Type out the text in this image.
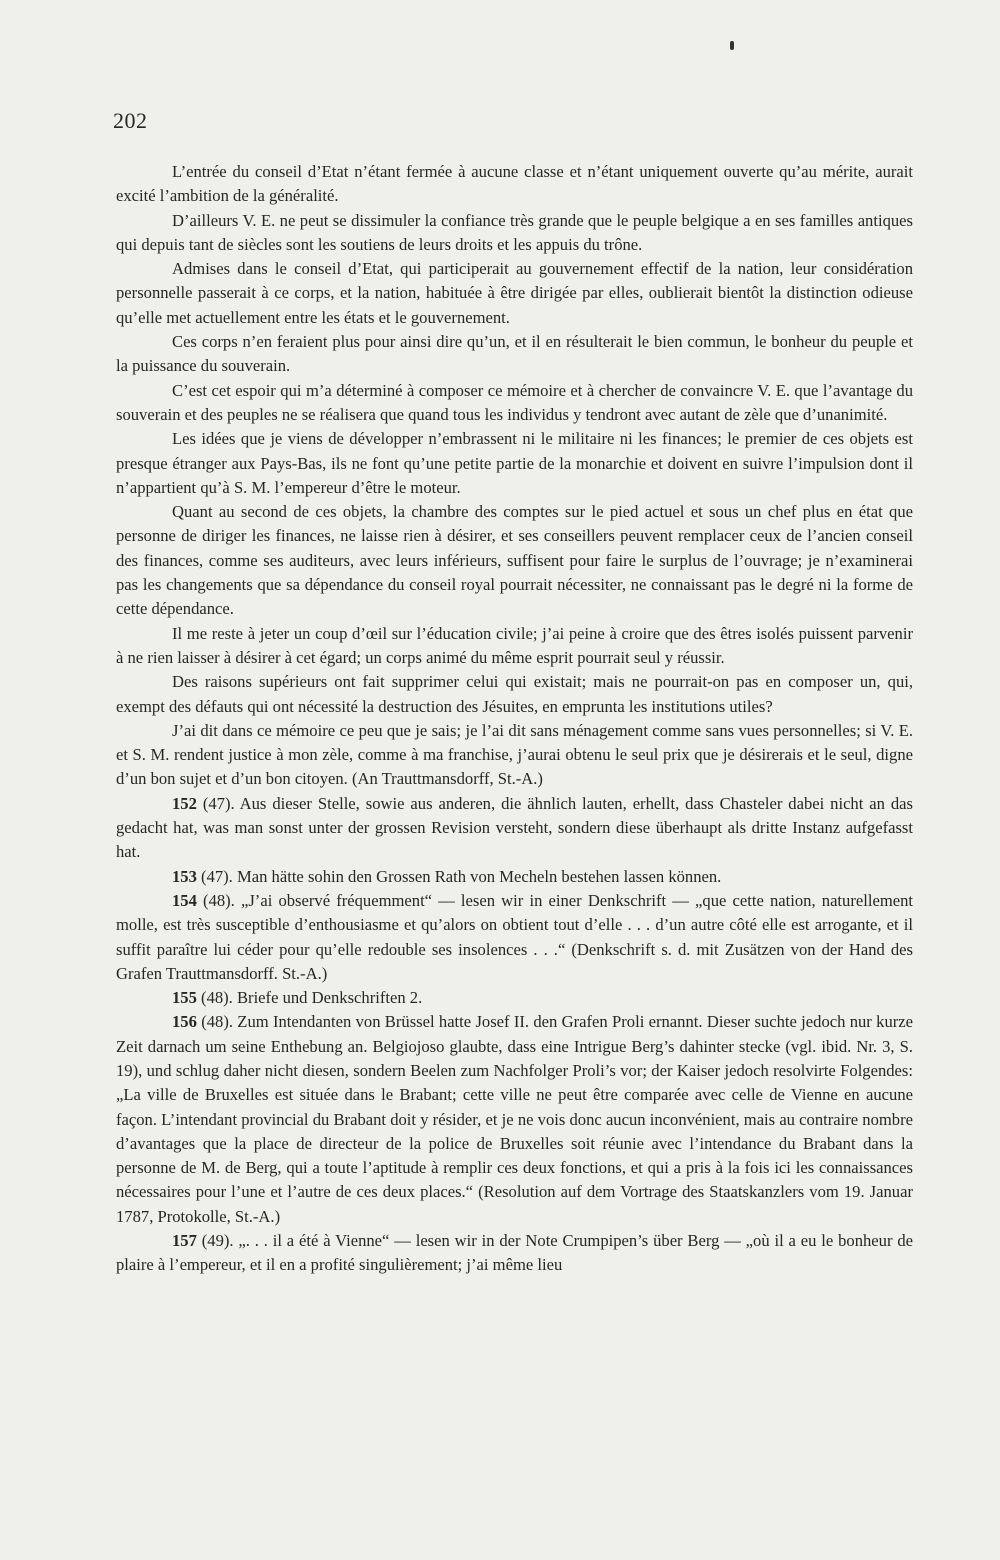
202

L’entrée du conseil d’Etat n’étant fermée à aucune classe et n’étant uniquement ouverte qu’au mérite, aurait excité l’ambition de la généralité.

D’ailleurs V. E. ne peut se dissimuler la confiance très grande que le peuple belgique a en ses familles antiques qui depuis tant de siècles sont les soutiens de leurs droits et les appuis du trône.

Admises dans le conseil d’Etat, qui participerait au gouvernement effectif de la nation, leur considération personnelle passerait à ce corps, et la nation, habituée à être dirigée par elles, oublierait bientôt la distinction odieuse qu’elle met actuellement entre les états et le gouvernement.

Ces corps n’en feraient plus pour ainsi dire qu’un, et il en résulterait le bien commun, le bonheur du peuple et la puissance du souverain.

C’est cet espoir qui m’a déterminé à composer ce mémoire et à chercher de convaincre V. E. que l’avantage du souverain et des peuples ne se réalisera que quand tous les individus y tendront avec autant de zèle que d’unanimité.

Les idées que je viens de développer n’embrassent ni le militaire ni les finances; le premier de ces objets est presque étranger aux Pays-Bas, ils ne font qu’une petite partie de la monarchie et doivent en suivre l’impulsion dont il n’appartient qu’à S. M. l’empereur d’être le moteur.

Quant au second de ces objets, la chambre des comptes sur le pied actuel et sous un chef plus en état que personne de diriger les finances, ne laisse rien à désirer, et ses conseillers peuvent remplacer ceux de l’ancien conseil des finances, comme ses auditeurs, avec leurs inférieurs, suffisent pour faire le surplus de l’ouvrage; je n’examinerai pas les changements que sa dépendance du conseil royal pourrait nécessiter, ne connaissant pas le degré ni la forme de cette dépendance.

Il me reste à jeter un coup d’œil sur l’éducation civile; j’ai peine à croire que des êtres isolés puissent parvenir à ne rien laisser à désirer à cet égard; un corps animé du même esprit pourrait seul y réussir.

Des raisons supérieurs ont fait supprimer celui qui existait; mais ne pourrait-on pas en composer un, qui, exempt des défauts qui ont nécessité la destruction des Jésuites, en emprunta les institutions utiles?

J’ai dit dans ce mémoire ce peu que je sais; je l’ai dit sans ménagement comme sans vues personnelles; si V. E. et S. M. rendent justice à mon zèle, comme à ma franchise, j’aurai obtenu le seul prix que je désirerais et le seul, digne d’un bon sujet et d’un bon citoyen. (An Trauttmansdorff, St.-A.)

152 (47). Aus dieser Stelle, sowie aus anderen, die ähnlich lauten, erhellt, dass Chasteler dabei nicht an das gedacht hat, was man sonst unter der grossen Revision versteht, sondern diese überhaupt als dritte Instanz aufgefasst hat.

153 (47). Man hätte sohin den Grossen Rath von Mecheln bestehen lassen können.

154 (48). „J’ai observé fréquemment“ — lesen wir in einer Denkschrift — „que cette nation, naturellement molle, est très susceptible d’enthousiasme et qu’alors on obtient tout d’elle . . . d’un autre côté elle est arrogante, et il suffit paraître lui céder pour qu’elle redouble ses insolences . . .“ (Denkschrift s. d. mit Zusätzen von der Hand des Grafen Trauttmansdorff. St.-A.)

155 (48). Briefe und Denkschriften 2.

156 (48). Zum Intendanten von Brüssel hatte Josef II. den Grafen Proli ernannt. Dieser suchte jedoch nur kurze Zeit darnach um seine Enthebung an. Belgiojoso glaubte, dass eine Intrigue Berg’s dahinter stecke (vgl. ibid. Nr. 3, S. 19), und schlug daher nicht diesen, sondern Beelen zum Nachfolger Proli’s vor; der Kaiser jedoch resolvirte Folgendes: „La ville de Bruxelles est située dans le Brabant; cette ville ne peut être comparée avec celle de Vienne en aucune façon. L’intendant provincial du Brabant doit y résider, et je ne vois donc aucun inconvénient, mais au contraire nombre d’avantages que la place de directeur de la police de Bruxelles soit réunie avec l’intendance du Brabant dans la personne de M. de Berg, qui a toute l’aptitude à remplir ces deux fonctions, et qui a pris à la fois ici les connaissances nécessaires pour l’une et l’autre de ces deux places.“ (Resolution auf dem Vortrage des Staatskanzlers vom 19. Januar 1787, Protokolle, St.-A.)

157 (49). „. . . il a été à Vienne“ — lesen wir in der Note Crumpipen’s über Berg — „où il a eu le bonheur de plaire à l’empereur, et il en a profité singulièrement; j’ai même lieu
